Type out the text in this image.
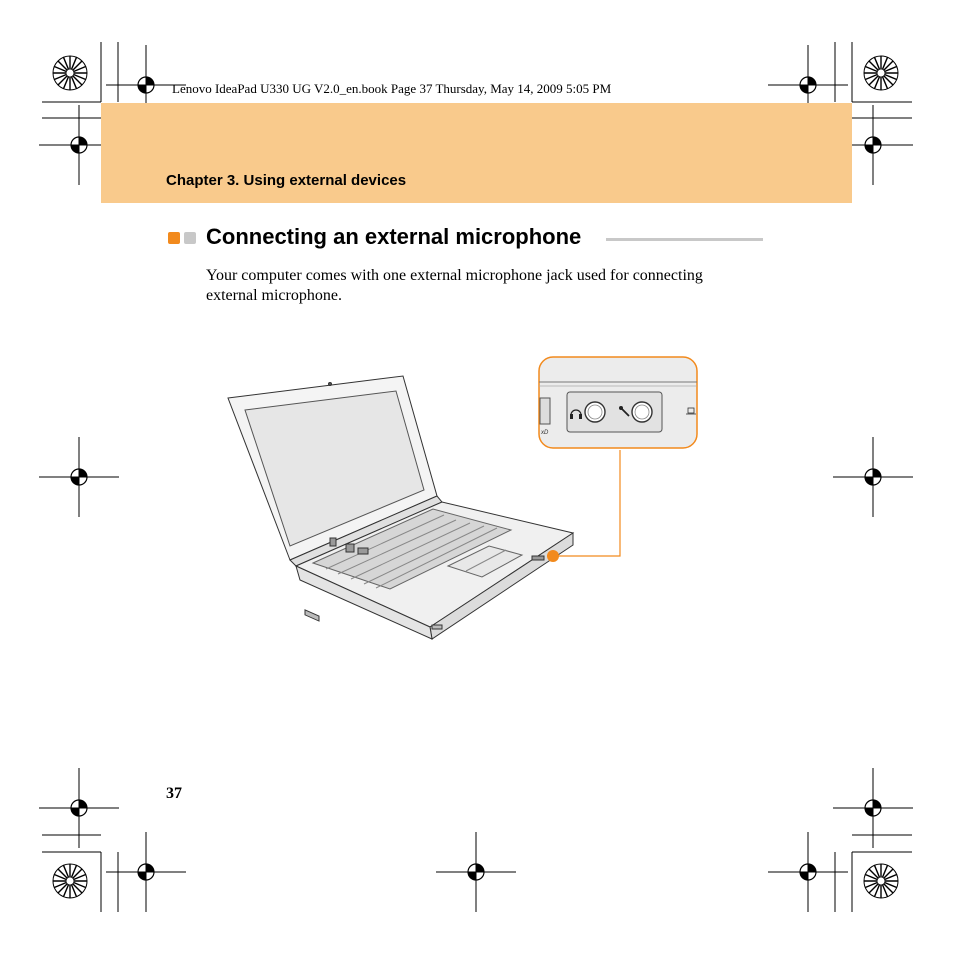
Lenovo IdeaPad U330 UG V2.0_en.book Page 37 Thursday, May 14, 2009 5:05 PM
Chapter 3. Using external devices
Connecting an external microphone
Your computer comes with one external microphone jack used for connecting external microphone.
xD
37
